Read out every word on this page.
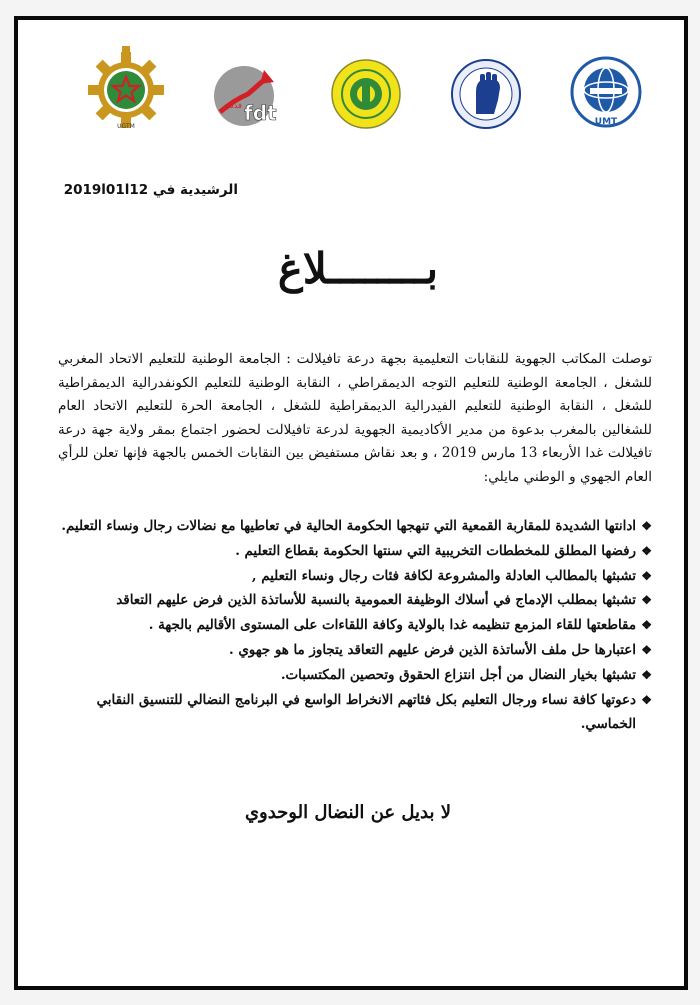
UGTM
فدش fdt	UMT
الرشيدية في 12ا01ا2019
بــــــــلاغ
توصلت المكاتب الجهوية للنقابات التعليمية بجهة درعة تافيلالت : الجامعة الوطنية للتعليم الاتحاد المغربي للشغل ، الجامعة الوطنية للتعليم التوجه الديمقراطي ، النقابة الوطنية للتعليم الكونفدرالية الديمقراطية للشغل ، النقابة الوطنية للتعليم الفيدرالية الديمقراطية للشغل ، الجامعة الحرة للتعليم الاتحاد العام للشغالين بالمغرب بدعوة من مدير الأكاديمية الجهوية لدرعة تافيلالت لحضور اجتماع بمقر ولاية جهة درعة تافيلالت غدا الأربعاء 13 مارس 2019 ، و بعد نقاش مستفيض بين النقابات الخمس بالجهة فإنها تعلن للرأي العام الجهوي و الوطني مايلي:
❖
ادانتها الشديدة للمقاربة القمعية التي تنهجها الحكومة الحالية في تعاطيها مع نضالات رجال ونساء التعليم.
❖
رفضها المطلق للمخططات التخريبية التي سنتها الحكومة بقطاع التعليم .
❖
تشبثها بالمطالب العادلة والمشروعة لكافة فئات رجال ونساء التعليم ,
❖
تشبثها بمطلب الإدماج في أسلاك الوظيفة العمومية بالنسبة للأساتذة الذين فرض عليهم التعاقد
❖
مقاطعتها للقاء المزمع تنظيمه غدا بالولاية وكافة اللقاءات على المستوى الأقاليم بالجهة .
❖
اعتبارها حل ملف الأساتذة الذين فرض عليهم التعاقد يتجاوز ما هو جهوي .
❖
تشبثها بخيار النضال من أجل انتزاع الحقوق وتحصين المكتسبات.
❖
دعوتها كافة نساء ورجال التعليم بكل فئاتهم الانخراط الواسع في البرنامج النضالي للتنسيق النقابي الخماسي.
لا بديل عن النضال الوحدوي
